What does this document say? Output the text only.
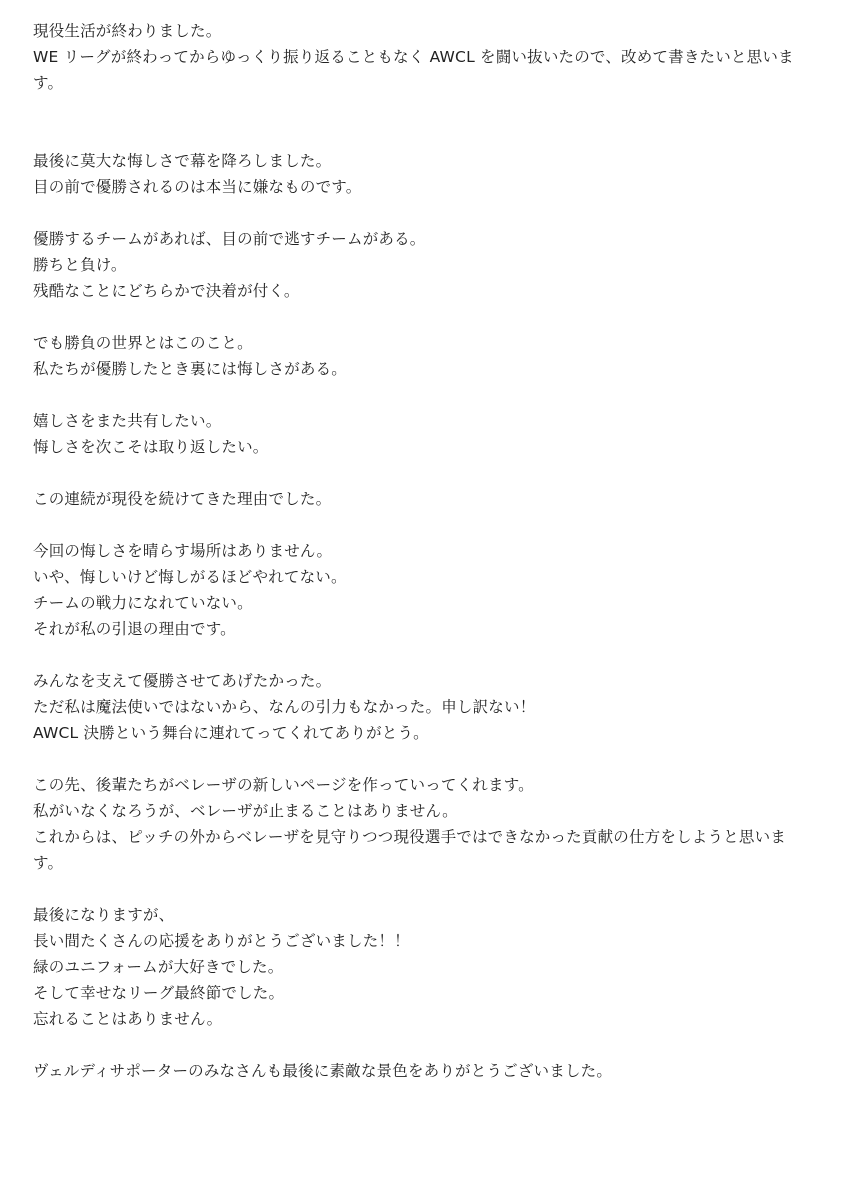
現役生活が終わりました。
WE リーグが終わってからゆっくり振り返ることもなく AWCL を闘い抜いたので、改めて書きたいと思います。
最後に莫大な悔しさで幕を降ろしました。
目の前で優勝されるのは本当に嫌なものです。
優勝するチームがあれば、目の前で逃すチームがある。
勝ちと負け。
残酷なことにどちらかで決着が付く。
でも勝負の世界とはこのこと。
私たちが優勝したとき裏には悔しさがある。
嬉しさをまた共有したい。
悔しさを次こそは取り返したい。
この連続が現役を続けてきた理由でした。
今回の悔しさを晴らす場所はありません。
いや、悔しいけど悔しがるほどやれてない。
チームの戦力になれていない。
それが私の引退の理由です。
みんなを支えて優勝させてあげたかった。
ただ私は魔法使いではないから、なんの引力もなかった。申し訳ない！
AWCL 決勝という舞台に連れてってくれてありがとう。
この先、後輩たちがベレーザの新しいページを作っていってくれます。
私がいなくなろうが、ベレーザが止まることはありません。
これからは、ピッチの外からベレーザを見守りつつ現役選手ではできなかった貢献の仕方をしようと思います。
最後になりますが、
長い間たくさんの応援をありがとうございました！！
緑のユニフォームが大好きでした。
そして幸せなリーグ最終節でした。
忘れることはありません。
ヴェルディサポーターのみなさんも最後に素敵な景色をありがとうございました。
